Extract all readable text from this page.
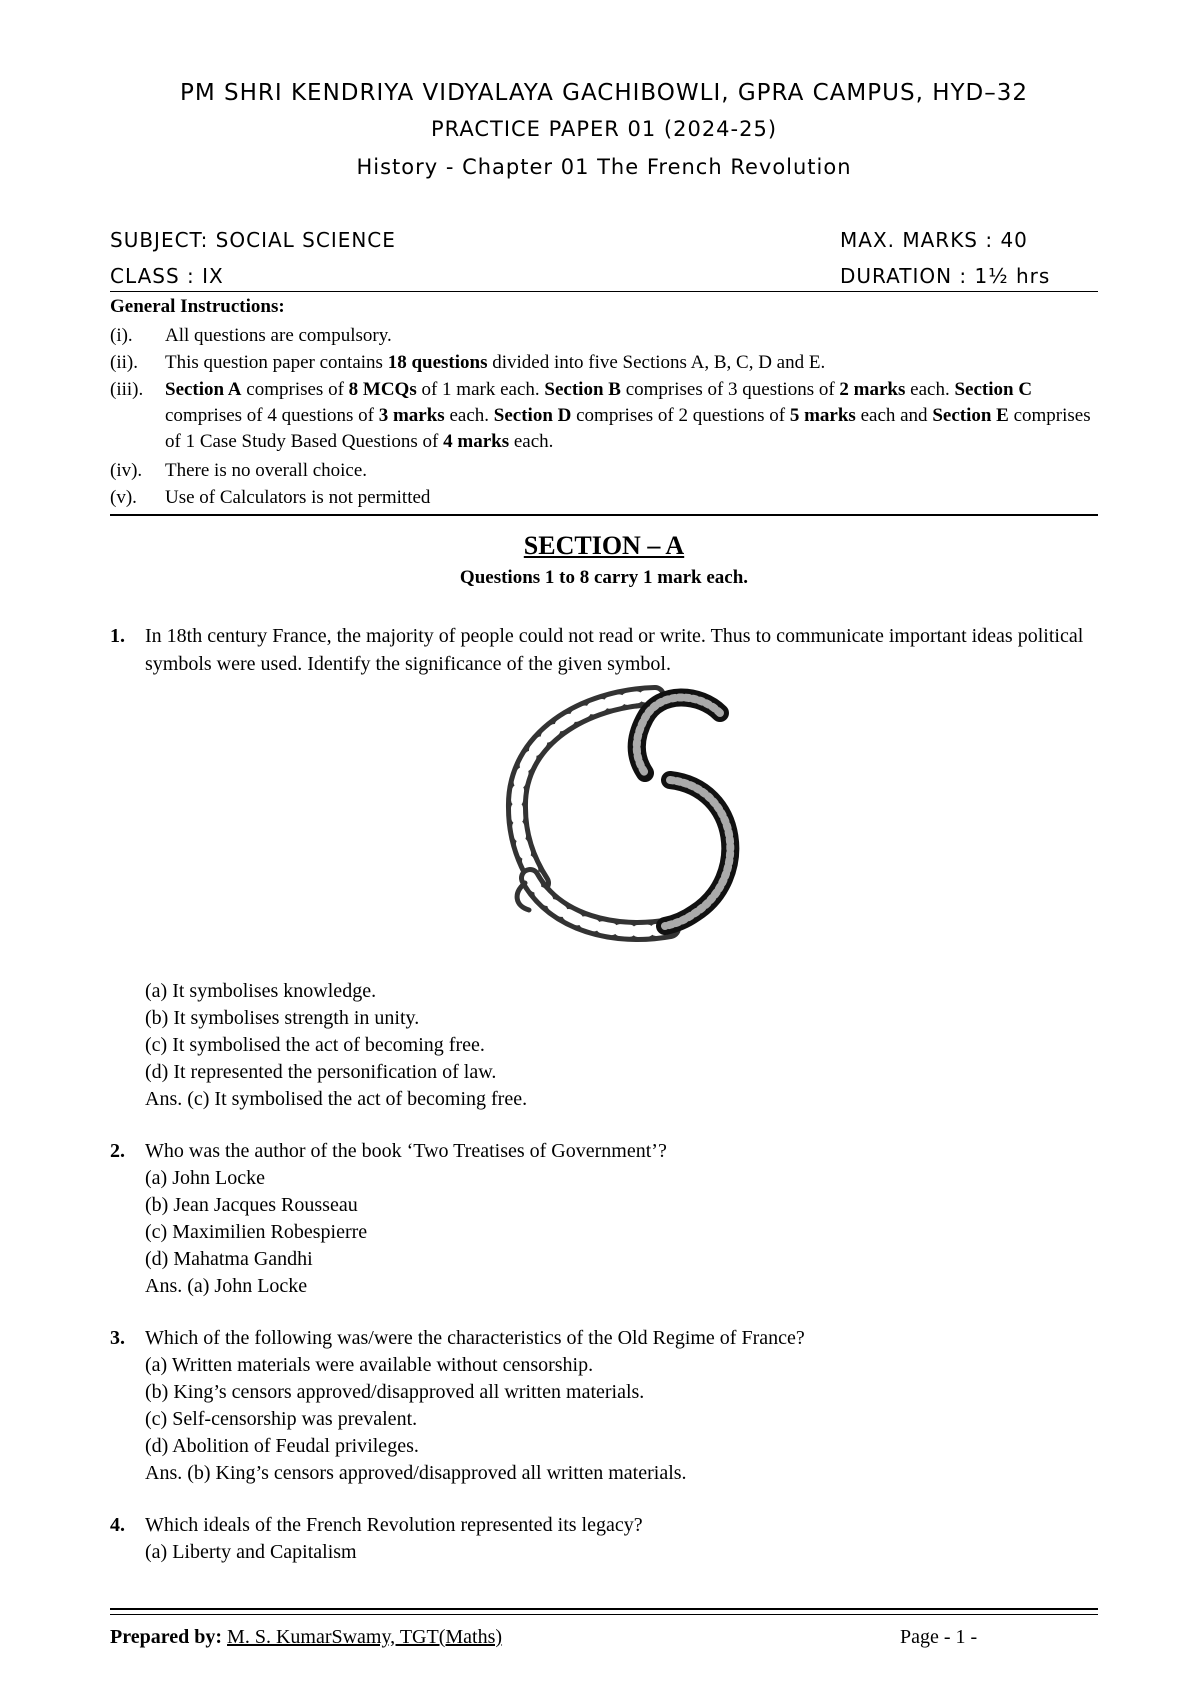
PM SHRI KENDRIYA VIDYALAYA GACHIBOWLI, GPRA CAMPUS, HYD–32
PRACTICE PAPER 01 (2024-25)
History - Chapter 01 The French Revolution
SUBJECT: SOCIAL SCIENCE	MAX. MARKS : 40
CLASS : IX	DURATION : 1½ hrs
General Instructions:
(i). All questions are compulsory.
(ii). This question paper contains 18 questions divided into five Sections A, B, C, D and E.
(iii). Section A comprises of 8 MCQs of 1 mark each. Section B comprises of 3 questions of 2 marks each. Section C comprises of 4 questions of 3 marks each. Section D comprises of 2 questions of 5 marks each and Section E comprises of 1 Case Study Based Questions of 4 marks each.
(iv). There is no overall choice.
(v). Use of Calculators is not permitted
SECTION – A
Questions 1 to 8 carry 1 mark each.
1. In 18th century France, the majority of people could not read or write. Thus to communicate important ideas political symbols were used. Identify the significance of the given symbol.
(a) It symbolises knowledge.
(b) It symbolises strength in unity.
(c) It symbolised the act of becoming free.
(d) It represented the personification of law.
Ans. (c) It symbolised the act of becoming free.
2. Who was the author of the book ‘Two Treatises of Government’?
(a) John Locke
(b) Jean Jacques Rousseau
(c) Maximilien Robespierre
(d) Mahatma Gandhi
Ans. (a) John Locke
3. Which of the following was/were the characteristics of the Old Regime of France?
(a) Written materials were available without censorship.
(b) King’s censors approved/disapproved all written materials.
(c) Self-censorship was prevalent.
(d) Abolition of Feudal privileges.
Ans. (b) King’s censors approved/disapproved all written materials.
4. Which ideals of the French Revolution represented its legacy?
(a) Liberty and Capitalism
Prepared by: M. S. KumarSwamy, TGT(Maths)	Page - 1 -
